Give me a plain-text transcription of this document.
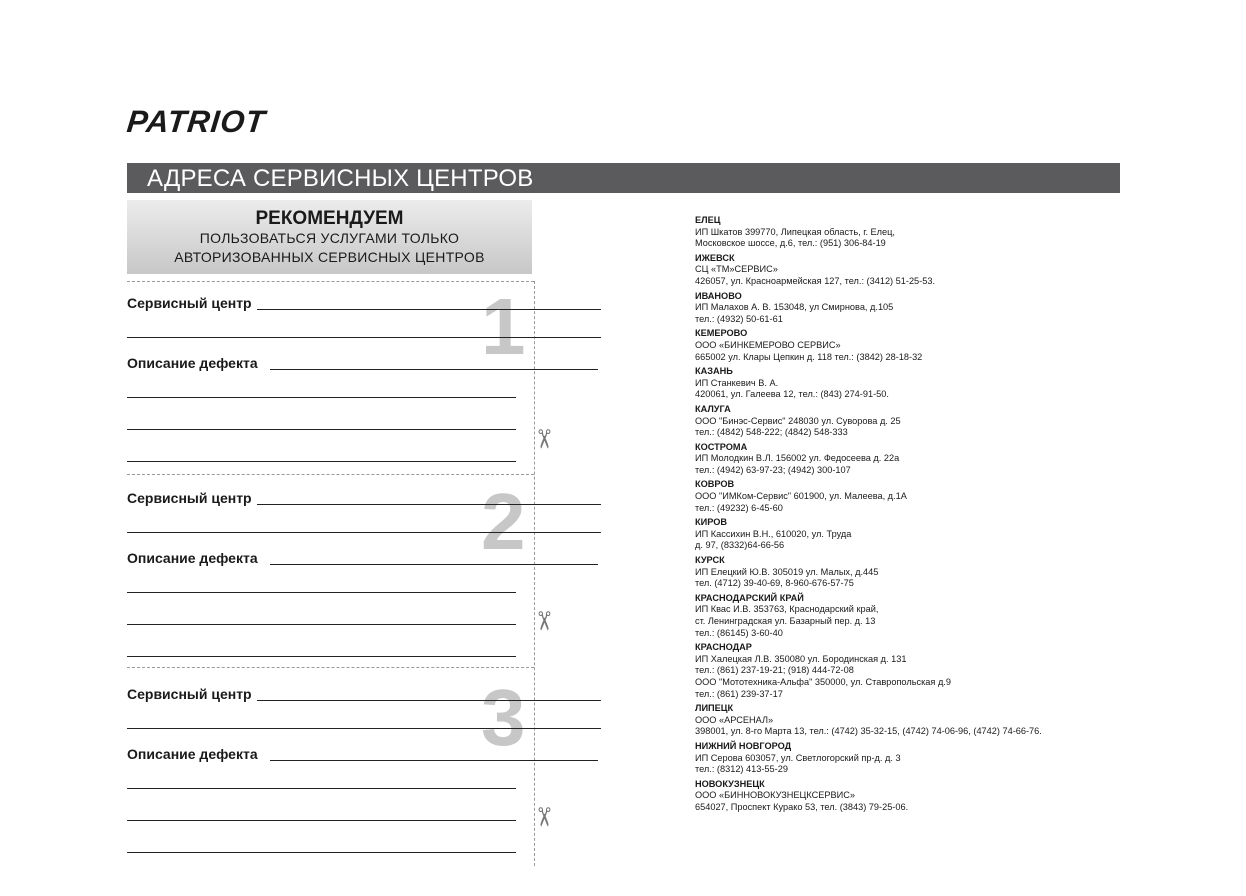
PATRIOT
АДРЕСА СЕРВИСНЫХ ЦЕНТРОВ
РЕКОМЕНДУЕМ
ПОЛЬЗОВАТЬСЯ УСЛУГАМИ ТОЛЬКО
АВТОРИЗОВАННЫХ СЕРВИСНЫХ ЦЕНТРОВ
1
Сервисный центр
Описание дефекта
✂
2
Сервисный центр
Описание дефекта
✂
3
Сервисный центр
Описание дефекта
✂
ЕЛЕЦ
ИП Шкатов 399770, Липецкая область, г. Елец,
Московское шоссе, д.6, тел.: (951) 306-84-19
ИЖЕВСК
СЦ «ТМ»СЕРВИС»
426057, ул. Красноармейская 127, тел.: (3412) 51-25-53.
ИВАНОВО
ИП Малахов А. В. 153048, ул Смирнова, д.105
тел.: (4932) 50-61-61
КЕМЕРОВО
ООО «БИНКЕМЕРОВО СЕРВИС»
665002 ул. Клары Цепкин д. 118 тел.: (3842) 28-18-32
КАЗАНЬ
ИП Станкевич В. А.
420061, ул. Галеева 12, тел.: (843) 274-91-50.
КАЛУГА
ООО "Бинэс-Сервис" 248030 ул. Суворова д. 25
тел.: (4842) 548-222; (4842) 548-333
КОСТРОМА
ИП Молодкин В.Л. 156002 ул. Федосеева д. 22а
тел.: (4942) 63-97-23; (4942) 300-107
КОВРОВ
ООО "ИМКом-Сервис" 601900, ул. Малеева, д.1А
тел.: (49232) 6-45-60
КИРОВ
ИП Кассихин В.Н., 610020, ул. Труда
д. 97, (8332)64-66-56
КУРСК
ИП Елецкий Ю.В. 305019 ул. Малых, д.445
тел. (4712) 39-40-69, 8-960-676-57-75
КРАСНОДАРСКИЙ КРАЙ
ИП Квас И.В. 353763, Краснодарский край,
ст. Ленинградская ул. Базарный пер. д. 13
тел.: (86145) 3-60-40
КРАСНОДАР
ИП Халецкая Л.В. 350080 ул. Бородинская д. 131
тел.: (861) 237-19-21; (918) 444-72-08
ООО "Мототехника-Альфа" 350000, ул. Ставропольская д.9
тел.: (861) 239-37-17
ЛИПЕЦК
ООО «АРСЕНАЛ»
398001, ул. 8-го Марта 13, тел.: (4742) 35-32-15, (4742) 74-06-96, (4742) 74-66-76.
НИЖНИЙ НОВГОРОД
ИП Серова 603057, ул. Светлогорский пр-д. д. 3
тел.: (8312) 413-55-29
НОВОКУЗНЕЦК
ООО «БИННОВОКУЗНЕЦКСЕРВИС»
654027, Проспект Курако 53, тел. (3843) 79-25-06.
